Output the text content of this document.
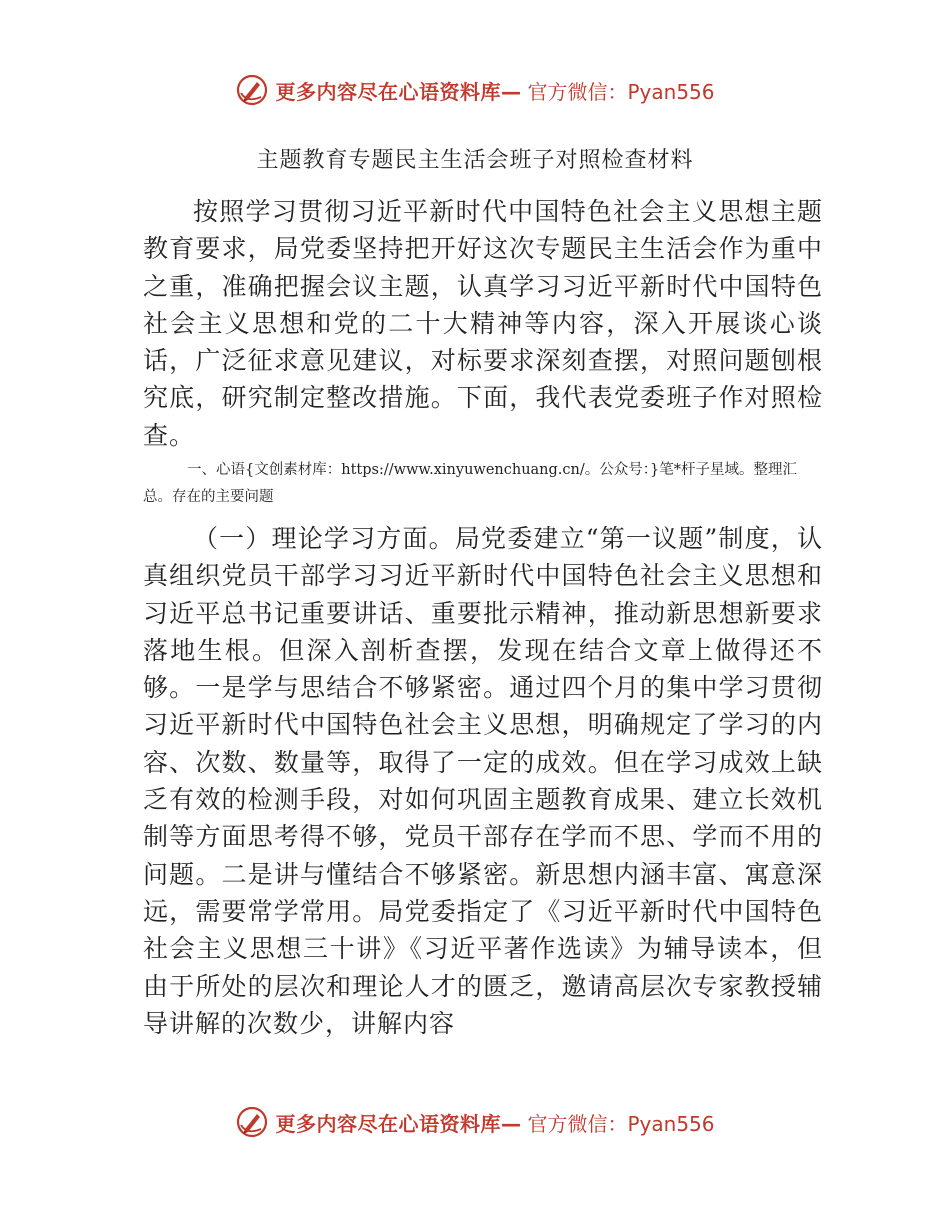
更多内容尽在心语资料库— 官方微信：Pyan556
主题教育专题民主生活会班子对照检查材料
按照学习贯彻习近平新时代中国特色社会主义思想主题教育要求，局党委坚持把开好这次专题民主生活会作为重中之重，准确把握会议主题，认真学习习近平新时代中国特色社会主义思想和党的二十大精神等内容，深入开展谈心谈话，广泛征求意见建议，对标要求深刻查摆，对照问题刨根究底，研究制定整改措施。下面，我代表党委班子作对照检查。
一、心语{文创素材库：https://www.xinyuwenchuang.cn/。公众号：}笔*杆子星域。整理汇总。存在的主要问题
（一）理论学习方面。局党委建立“第一议题”制度，认真组织党员干部学习习近平新时代中国特色社会主义思想和习近平总书记重要讲话、重要批示精神，推动新思想新要求落地生根。但深入剖析查摆，发现在结合文章上做得还不够。一是学与思结合不够紧密。通过四个月的集中学习贯彻习近平新时代中国特色社会主义思想，明确规定了学习的内容、次数、数量等，取得了一定的成效。但在学习成效上缺乏有效的检测手段，对如何巩固主题教育成果、建立长效机制等方面思考得不够，党员干部存在学而不思、学而不用的问题。二是讲与懂结合不够紧密。新思想内涵丰富、寓意深远，需要常学常用。局党委指定了《习近平新时代中国特色社会主义思想三十讲》《习近平著作选读》为辅导读本，但由于所处的层次和理论人才的匮乏，邀请高层次专家教授辅导讲解的次数少，讲解内容
更多内容尽在心语资料库— 官方微信：Pyan556
